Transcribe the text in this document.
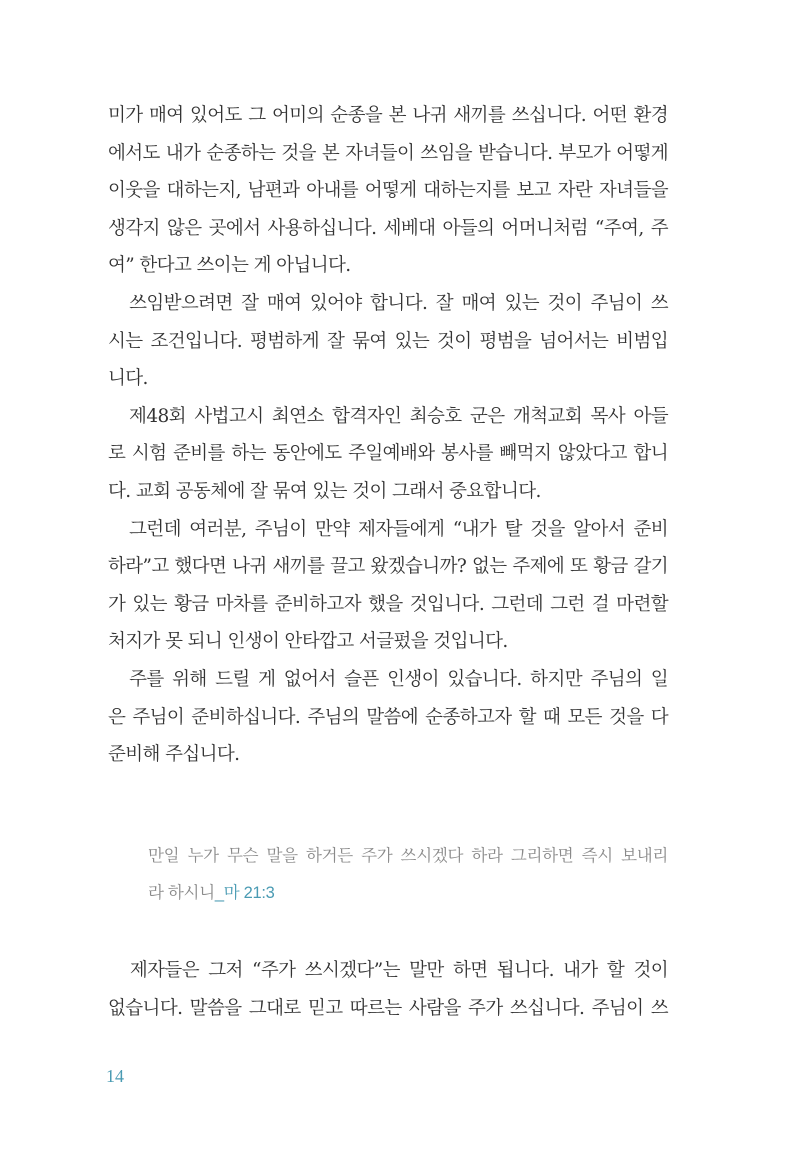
미가 매여 있어도 그 어미의 순종을 본 나귀 새끼를 쓰십니다. 어떤 환경
에서도 내가 순종하는 것을 본 자녀들이 쓰임을 받습니다. 부모가 어떻게
이웃을 대하는지, 남편과 아내를 어떻게 대하는지를 보고 자란 자녀들을
생각지 않은 곳에서 사용하십니다. 세베대 아들의 어머니처럼 “주여, 주
여” 한다고 쓰이는 게 아닙니다.
　쓰임받으려면 잘 매여 있어야 합니다. 잘 매여 있는 것이 주님이 쓰
시는 조건입니다. 평범하게 잘 묶여 있는 것이 평범을 넘어서는 비범입
니다.
　제48회 사법고시 최연소 합격자인 최승호 군은 개척교회 목사 아들
로 시험 준비를 하는 동안에도 주일예배와 봉사를 빼먹지 않았다고 합니
다. 교회 공동체에 잘 묶여 있는 것이 그래서 중요합니다.
　그런데 여러분, 주님이 만약 제자들에게 “내가 탈 것을 알아서 준비
하라”고 했다면 나귀 새끼를 끌고 왔겠습니까? 없는 주제에 또 황금 갈기
가 있는 황금 마차를 준비하고자 했을 것입니다. 그런데 그런 걸 마련할
처지가 못 되니 인생이 안타깝고 서글펐을 것입니다.
　주를 위해 드릴 게 없어서 슬픈 인생이 있습니다. 하지만 주님의 일
은 주님이 준비하십니다. 주님의 말씀에 순종하고자 할 때 모든 것을 다
준비해 주십니다.
만일 누가 무슨 말을 하거든 주가 쓰시겠다 하라 그리하면 즉시 보내리
라 하시니_마 21:3
　제자들은 그저 “주가 쓰시겠다”는 말만 하면 됩니다. 내가 할 것이
없습니다. 말씀을 그대로 믿고 따르는 사람을 주가 쓰십니다. 주님이 쓰
14
